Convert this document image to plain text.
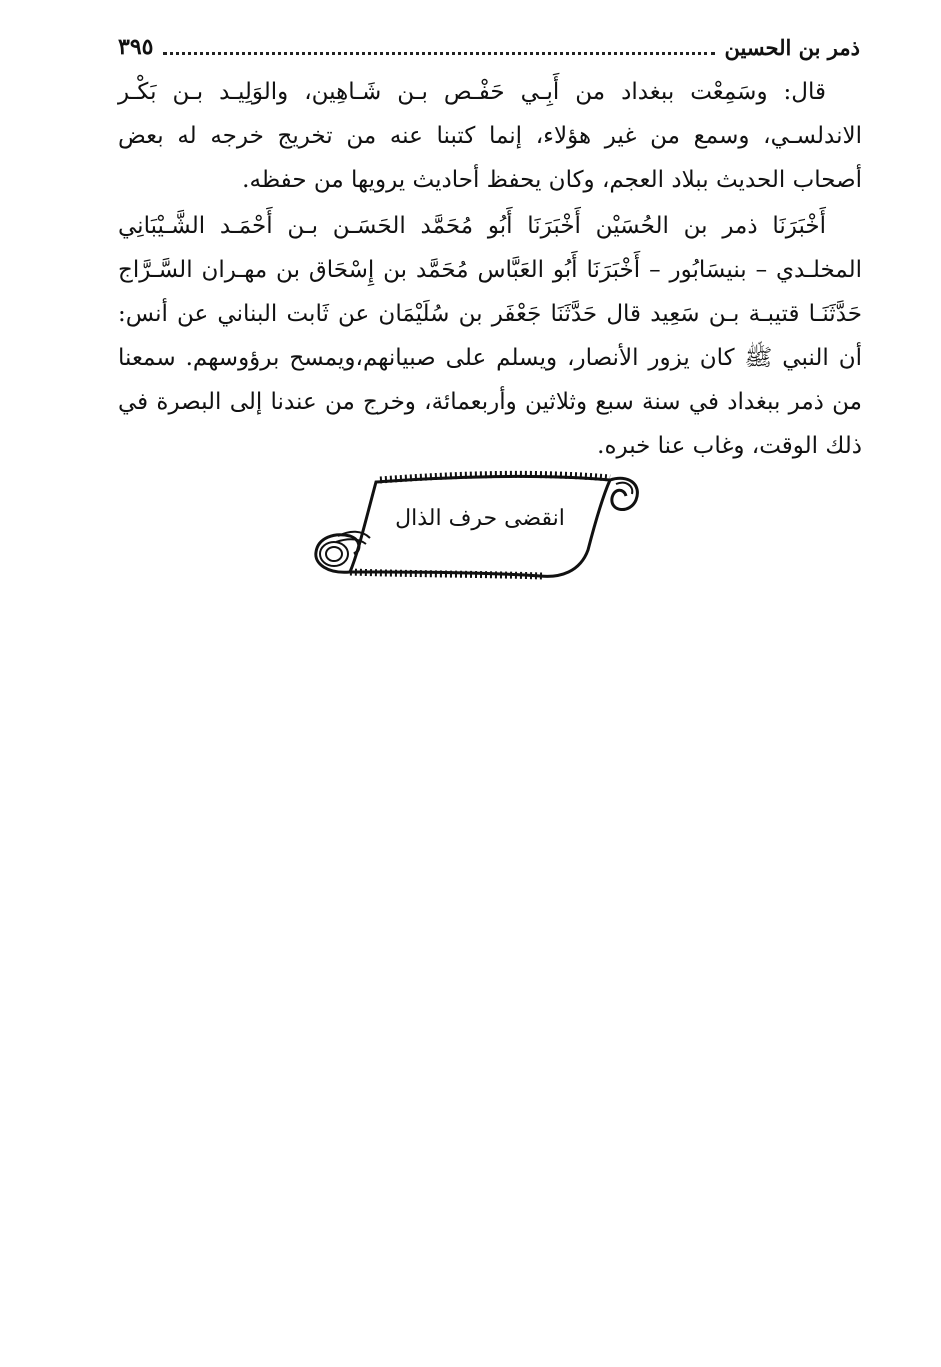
ذمر بن الحسين
٣٩٥

قال: وسَمِعْت ببغداد من أَبِـي حَفْـص بـن شَـاهِين، والوَلِيـد بـن بَكْـر الاندلسـي، وسمع من غير هؤلاء، إنما كتبنا عنه من تخريج خرجه له بعض أصحاب الحديث ببلاد العجم، وكان يحفظ أحاديث يرويها من حفظه.

أَخْبَرَنَا ذمر بن الحُسَيْن أَخْبَرَنَا أَبُو مُحَمَّد الحَسَـن بـن أَحْمَـد الشَّـيْبَانِي المخلـدي – بنيسَابُور – أَخْبَرَنَا أَبُو العَبَّاس مُحَمَّد بن إِسْحَاق بن مهـران السَّـرَّاج حَدَّثَنَـا قتيبـة بـن سَعِيد قال حَدَّثَنَا جَعْفَر بن سُلَيْمَان عن ثَابت البناني عن أنس: أن النبي ﷺ كان يزور الأنصار، ويسلم على صبيانهم،ويمسح برؤوسهم. سمعنا من ذمر ببغداد في سنة سبع وثلاثين وأربعمائة، وخرج من عندنا إلى البصرة في ذلك الوقت، وغاب عنا خبره.

انقضى حرف الذال
